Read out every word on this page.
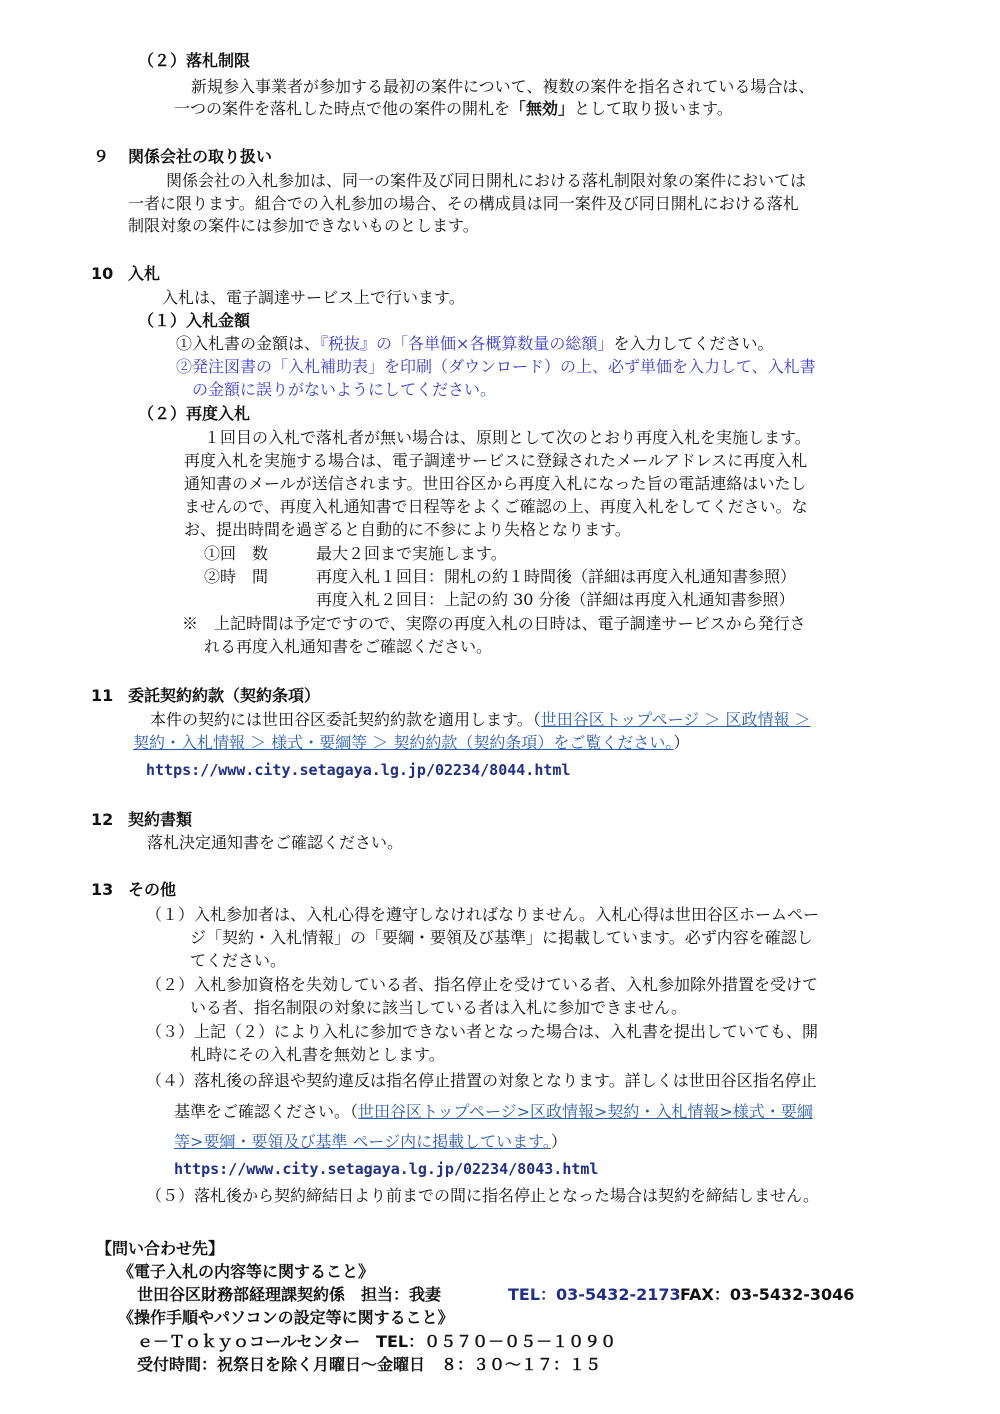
（２）落札制限
新規参入事業者が参加する最初の案件について、複数の案件を指名されている場合は、
一つの案件を落札した時点で他の案件の開札を「無効」として取り扱います。
９ 関係会社の取り扱い
関係会社の入札参加は、同一の案件及び同日開札における落札制限対象の案件においては
一者に限ります。組合での入札参加の場合、その構成員は同一案件及び同日開札における落札
制限対象の案件には参加できないものとします。
10 入札
入札は、電子調達サービス上で行います。
（１）入札金額
①入札書の金額は、『税抜』の「各単価×各概算数量の総額」を入力してください。
②発注図書の「入札補助表」を印刷（ダウンロード）の上、必ず単価を入力して、入札書
の金額に誤りがないようにしてください。
（２）再度入札
１回目の入札で落札者が無い場合は、原則として次のとおり再度入札を実施します。
再度入札を実施する場合は、電子調達サービスに登録されたメールアドレスに再度入札
通知書のメールが送信されます。世田谷区から再度入札になった旨の電話連絡はいたし
ませんので、再度入札通知書で日程等をよくご確認の上、再度入札をしてください。な
お、提出時間を過ぎると自動的に不参により失格となります。
①回　数	最大２回まで実施します。
②時　間	再度入札１回目：開札の約１時間後（詳細は再度入札通知書参照）
再度入札２回目：上記の約 30 分後（詳細は再度入札通知書参照）
※　上記時間は予定ですので、実際の再度入札の日時は、電子調達サービスから発行さ
れる再度入札通知書をご確認ください。
11 委託契約約款（契約条項）
本件の契約には世田谷区委託契約約款を適用します。（世田谷区トップページ ＞ 区政情報 ＞
契約・入札情報 ＞ 様式・要綱等 ＞ 契約約款（契約条項）をご覧ください。）
https://www.city.setagaya.lg.jp/02234/8044.html
12 契約書類
落札決定通知書をご確認ください。
13 その他
（１）入札参加者は、入札心得を遵守しなければなりません。入札心得は世田谷区ホームペー
ジ「契約・入札情報」の「要綱・要領及び基準」に掲載しています。必ず内容を確認し
てください。
（２）入札参加資格を失効している者、指名停止を受けている者、入札参加除外措置を受けて
いる者、指名制限の対象に該当している者は入札に参加できません。
（３）上記（２）により入札に参加できない者となった場合は、入札書を提出していても、開
札時にその入札書を無効とします。
（４）落札後の辞退や契約違反は指名停止措置の対象となります。詳しくは世田谷区指名停止
基準をご確認ください。（世田谷区トップページ>区政情報>契約・入札情報>様式・要綱
等>要綱・要領及び基準 ページ内に掲載しています。）
https://www.city.setagaya.lg.jp/02234/8043.html
（５）落札後から契約締結日より前までの間に指名停止となった場合は契約を締結しません。
【問い合わせ先】
《電子入札の内容等に関すること》
世田谷区財務部経理課契約係　担当：我妻	TEL：03-5432-2173 FAX：03-5432-3046
《操作手順やパソコンの設定等に関すること》
ｅ－Ｔｏｋｙｏコールセンター　TEL：０５７０－０５－１０９０
受付時間：祝祭日を除く月曜日～金曜日　８：３０～１７：１５
